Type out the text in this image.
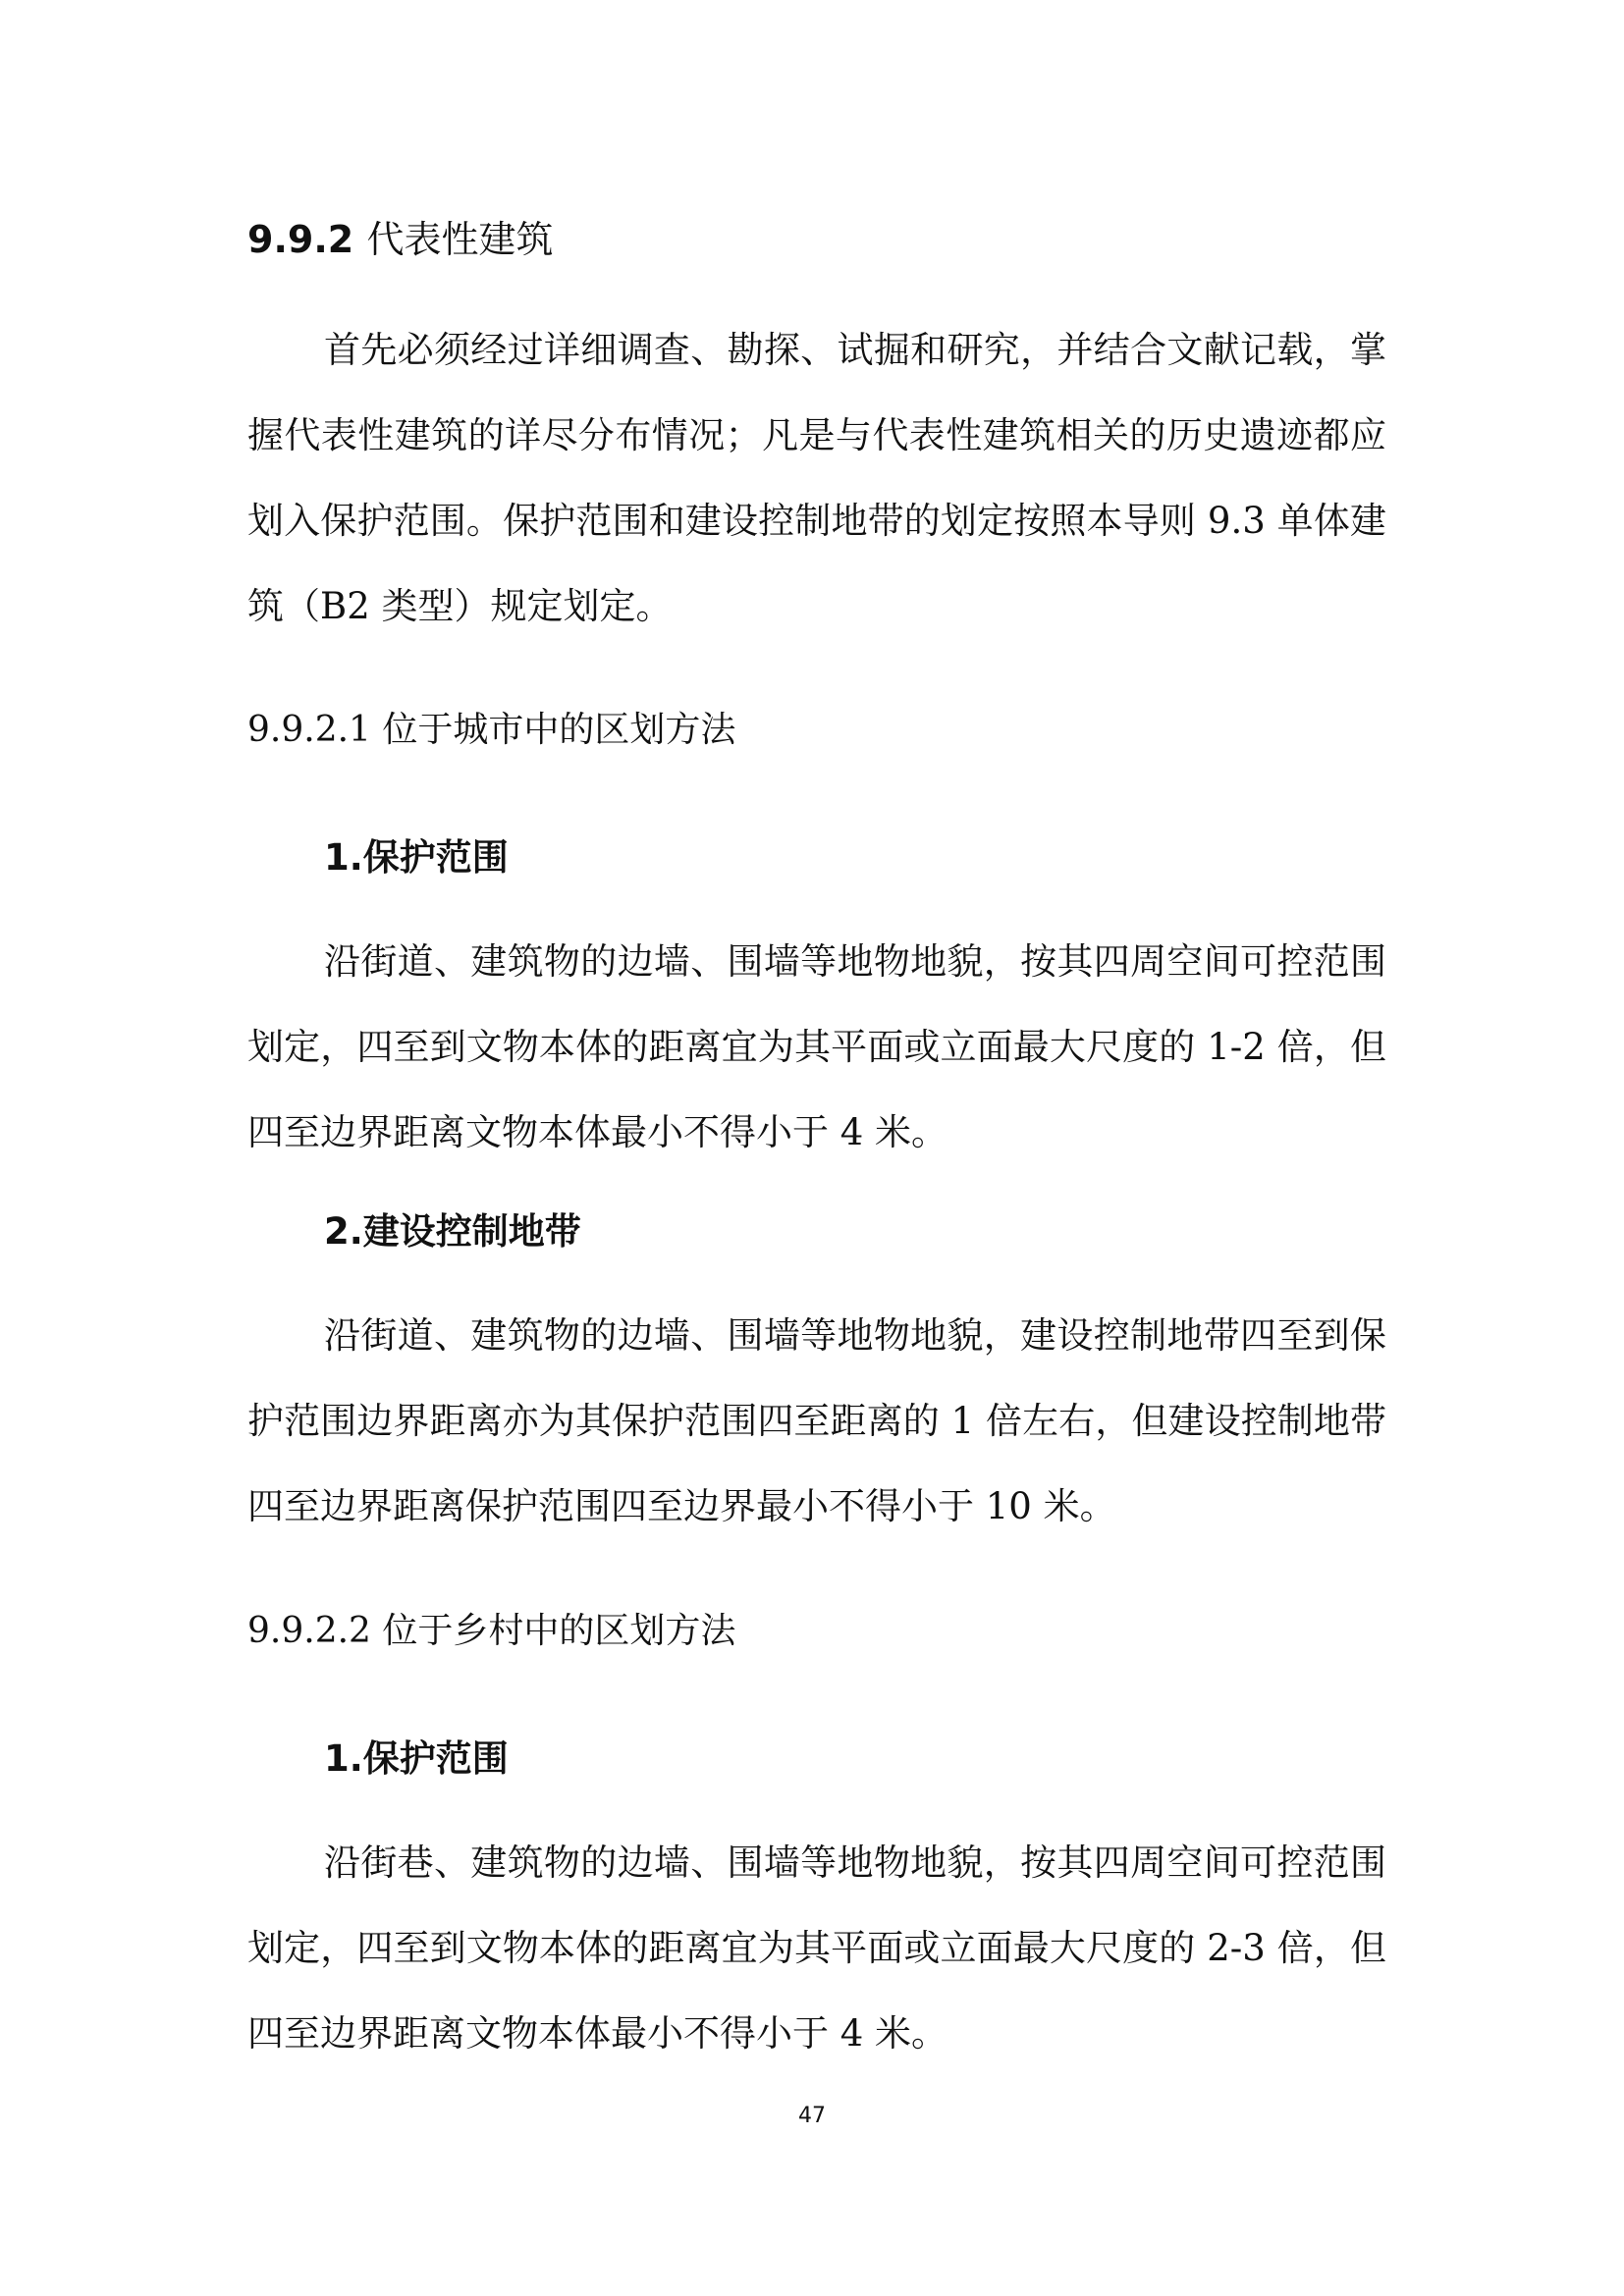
9.9.2 代表性建筑

首先必须经过详细调查、勘探、试掘和研究，并结合文献记载，掌握代表性建筑的详尽分布情况；凡是与代表性建筑相关的历史遗迹都应划入保护范围。保护范围和建设控制地带的划定按照本导则 9.3 单体建筑（B2 类型）规定划定。

9.9.2.1 位于城市中的区划方法
1.保护范围

沿街道、建筑物的边墙、围墙等地物地貌，按其四周空间可控范围划定，四至到文物本体的距离宜为其平面或立面最大尺度的 1-2 倍，但四至边界距离文物本体最小不得小于 4 米。

2.建设控制地带

沿街道、建筑物的边墙、围墙等地物地貌，建设控制地带四至到保护范围边界距离亦为其保护范围四至距离的 1 倍左右，但建设控制地带四至边界距离保护范围四至边界最小不得小于 10 米。

9.9.2.2 位于乡村中的区划方法
1.保护范围

沿街巷、建筑物的边墙、围墙等地物地貌，按其四周空间可控范围划定，四至到文物本体的距离宜为其平面或立面最大尺度的 2-3 倍，但四至边界距离文物本体最小不得小于 4 米。

47
